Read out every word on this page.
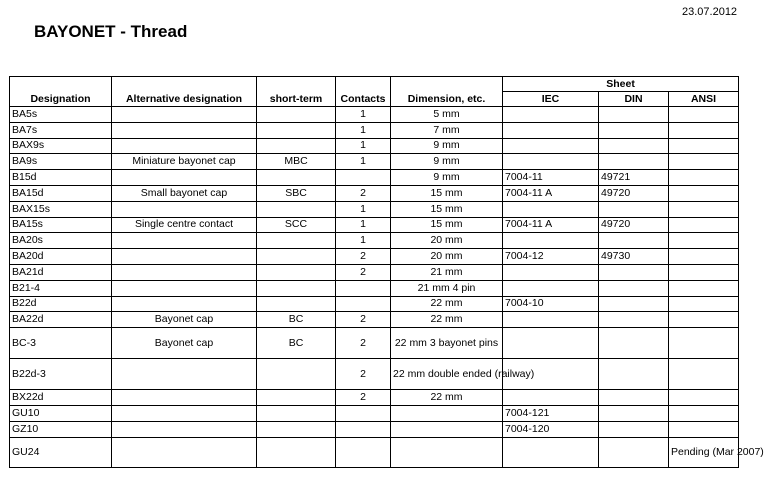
23.07.2012
BAYONET - Thread
Designation	Alternative designation	short-term	Contacts	Dimension, etc.	Sheet		
					IEC	DIN	ANSI
BA5s			1	5 mm			
BA7s			1	7 mm			
BAX9s			1	9 mm			
BA9s	Miniature bayonet cap	MBC	1	9 mm			
B15d				9 mm	7004-11	49721	
BA15d	Small bayonet cap	SBC	2	15 mm	7004-11 A	49720	
BAX15s			1	15 mm			
BA15s	Single centre contact	SCC	1	15 mm	7004-11 A	49720	
BA20s			1	20 mm			
BA20d			2	20 mm	7004-12	49730	
BA21d			2	21 mm			
B21-4				21 mm 4 pin			
B22d				22 mm	7004-10		
BA22d	Bayonet cap	BC	2	22 mm			
BC-3	Bayonet cap	BC	2	22 mm 3 bayonet pins			
B22d-3			2	22 mm double ended (railway)			
BX22d			2	22 mm			
GU10					7004-121		
GZ10					7004-120		
GU24							Pending (Mar 2007)
